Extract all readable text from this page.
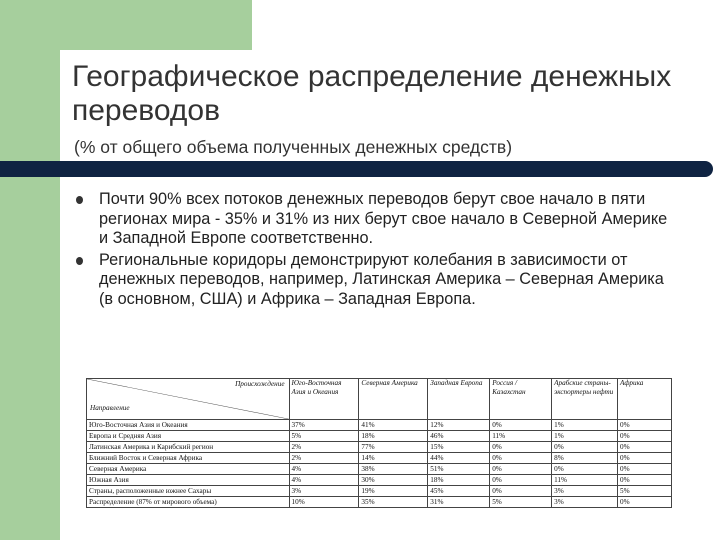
Географическое распределение денежных переводов
(% от общего объема полученных денежных средств)
Почти 90% всех потоков денежных переводов берут свое начало в пяти регионах мира - 35% и 31% из них берут свое начало в Северной Америке и Западной Европе соответственно.
Региональные коридоры демонстрируют колебания в зависимости от денежных переводов, например, Латинская Америка – Северная Америка (в основном, США) и Африка – Западная Европа.
Происхождение
Направление	Юго-Восточная Азия и Океания	Северная Америка	Западная Европа	Россия / Казахстан	Арабские страны-экспортеры нефти	Африка
Юго-Восточная Азия и Океания	37%	41%	12%	0%	1%	0%
Европа и Средняя Азия	5%	18%	46%	11%	1%	0%
Латинская Америка и Карибский регион	2%	77%	15%	0%	0%	0%
Ближний Восток и Северная Африка	2%	14%	44%	0%	8%	0%
Северная Америка	4%	38%	51%	0%	0%	0%
Южная Азия	4%	30%	18%	0%	11%	0%
Страны, расположенные южнее Сахары	3%	19%	45%	0%	3%	5%
Распределение (87% от мирового объема)	10%	35%	31%	5%	3%	0%
